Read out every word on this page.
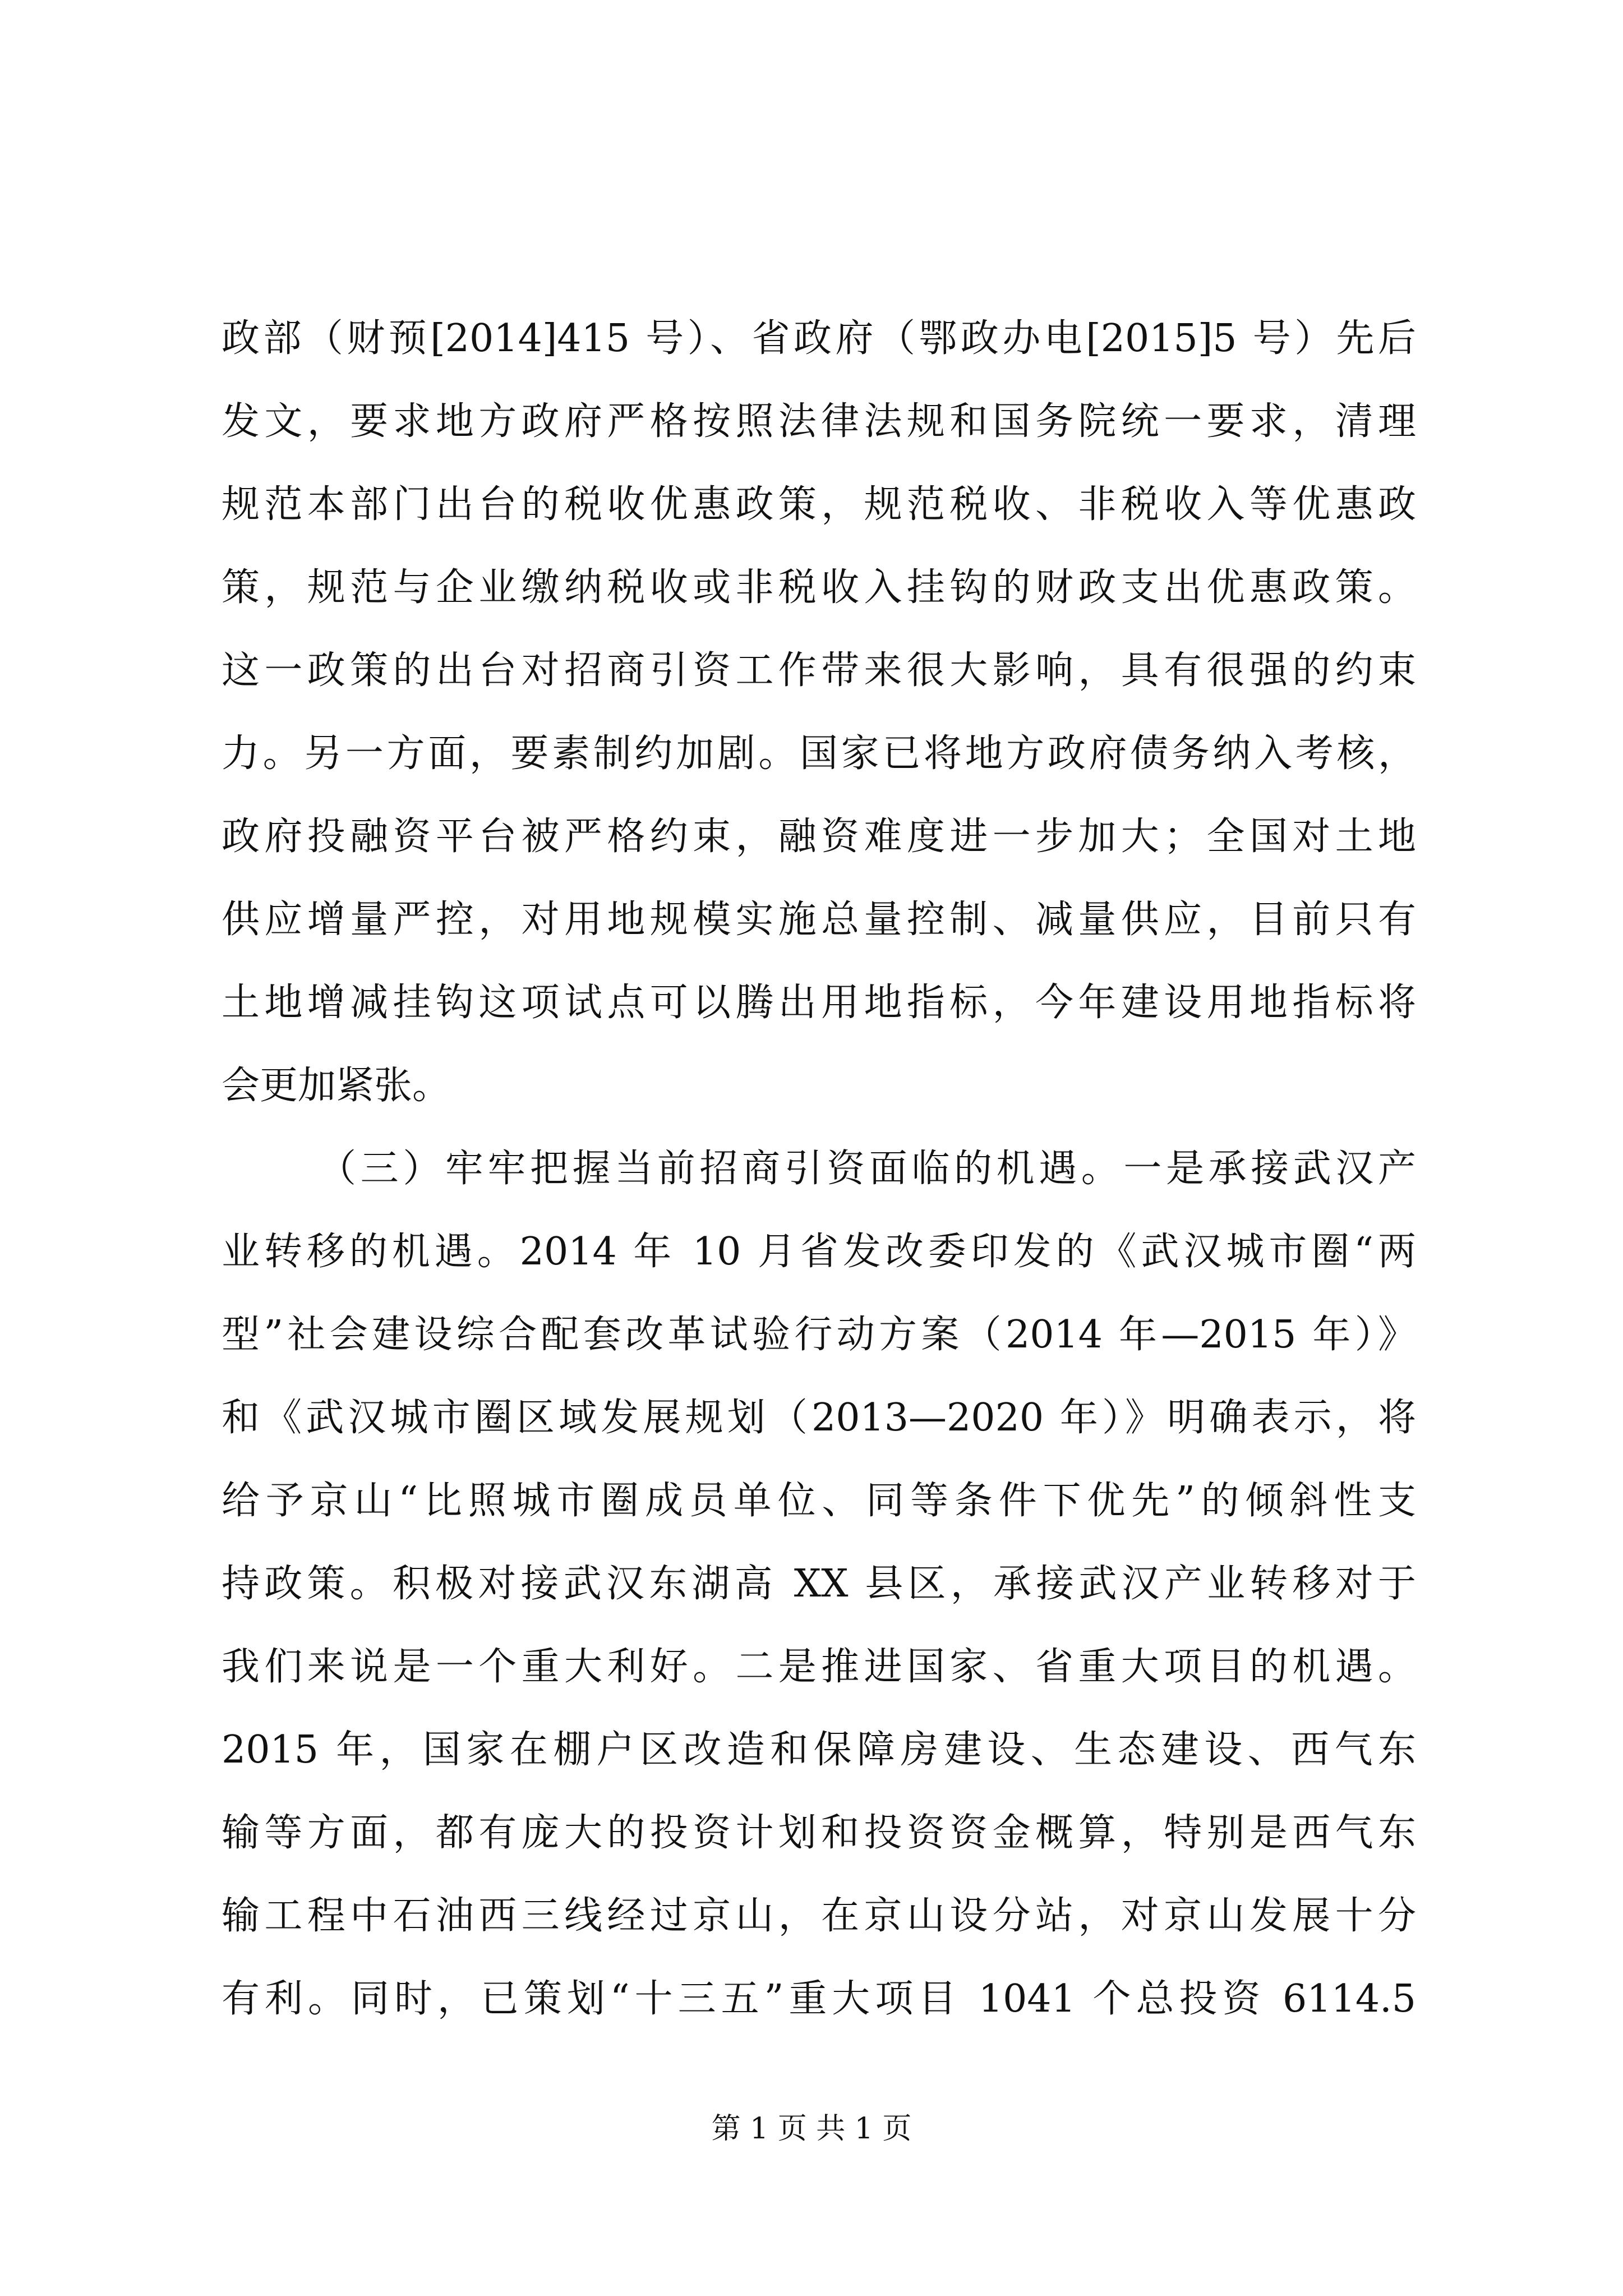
政部（财预[2014]415 号）、省政府（鄂政办电[2015]5 号）先后
发文，要求地方政府严格按照法律法规和国务院统一要求，清理
规范本部门出台的税收优惠政策，规范税收、非税收入等优惠政
策，规范与企业缴纳税收或非税收入挂钩的财政支出优惠政策。
这一政策的出台对招商引资工作带来很大影响，具有很强的约束
力。另一方面，要素制约加剧。国家已将地方政府债务纳入考核，
政府投融资平台被严格约束，融资难度进一步加大；全国对土地
供应增量严控，对用地规模实施总量控制、减量供应，目前只有
土地增减挂钩这项试点可以腾出用地指标，今年建设用地指标将
会更加紧张。
（三）牢牢把握当前招商引资面临的机遇。一是承接武汉产
业转移的机遇。2014 年 10 月省发改委印发的《武汉城市圈“两
型”社会建设综合配套改革试验行动方案（2014 年—2015 年）》
和《武汉城市圈区域发展规划（2013—2020 年）》明确表示，将
给予京山“比照城市圈成员单位、同等条件下优先”的倾斜性支
持政策。积极对接武汉东湖高 XX 县区，承接武汉产业转移对于
我们来说是一个重大利好。二是推进国家、省重大项目的机遇。
2015 年，国家在棚户区改造和保障房建设、生态建设、西气东
输等方面，都有庞大的投资计划和投资资金概算，特别是西气东
输工程中石油西三线经过京山，在京山设分站，对京山发展十分
有利。同时，已策划“十三五”重大项目 1041 个总投资 6114.5
第 1 页 共 1 页
